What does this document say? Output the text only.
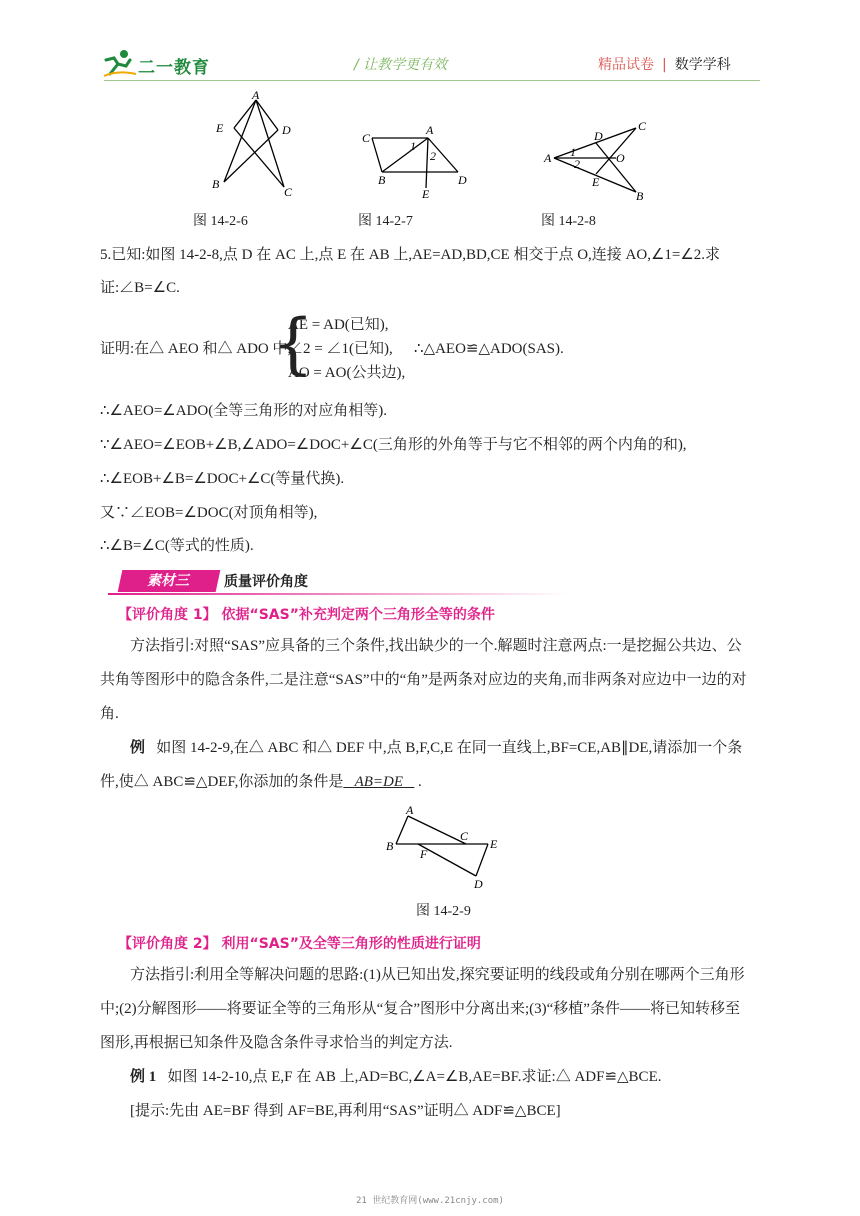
二一教育	/ 让教学更有效	精品试卷 | 数学学科
A
E	D
B
C
图 14-2-6
C
A
1
2
B
E
D
图 14-2-7
A
D
C
1
2	O
E
B
图 14-2-8
5.已知:如图 14-2-8,点 D 在 AC 上,点 E 在 AB 上,AE=AD,BD,CE 相交于点 O,连接 AO,∠1=∠2.求
证:∠B=∠C.
证明:在△ AEO 和△ ADO 中,
{
AE = AD(已知),
∠2 = ∠1(已知),
AO = AO(公共边),
∴△AEO≌△ADO(SAS).
∴∠AEO=∠ADO(全等三角形的对应角相等).
∵∠AEO=∠EOB+∠B,∠ADO=∠DOC+∠C(三角形的外角等于与它不相邻的两个内角的和),
∴∠EOB+∠B=∠DOC+∠C(等量代换).
又∵∠EOB=∠DOC(对顶角相等),
∴∠B=∠C(等式的性质).
素材三	质量评价角度
【评价角度 1】 依据“SAS”补充判定两个三角形全等的条件
方法指引:对照“SAS”应具备的三个条件,找出缺少的一个.解题时注意两点:一是挖掘公共边、公
共角等图形中的隐含条件,二是注意“SAS”中的“角”是两条对应边的夹角,而非两条对应边中一边的对
角.
例 如图 14-2-9,在△ ABC 和△ DEF 中,点 B,F,C,E 在同一直线上,BF=CE,AB∥DE,请添加一个条
件,使△ ABC≌△DEF,你添加的条件是 AB=DE .
A
B
F
C
E
D
图 14-2-9
【评价角度 2】 利用“SAS”及全等三角形的性质进行证明
方法指引:利用全等解决问题的思路:(1)从已知出发,探究要证明的线段或角分别在哪两个三角形
中;(2)分解图形——将要证全等的三角形从“复合”图形中分离出来;(3)“移植”条件——将已知转移至
图形,再根据已知条件及隐含条件寻求恰当的判定方法.
例 1 如图 14-2-10,点 E,F 在 AB 上,AD=BC,∠A=∠B,AE=BF.求证:△ ADF≌△BCE.
[提示:先由 AE=BF 得到 AF=BE,再利用“SAS”证明△ ADF≌△BCE]
21 世纪教育网(www.21cnjy.com)
